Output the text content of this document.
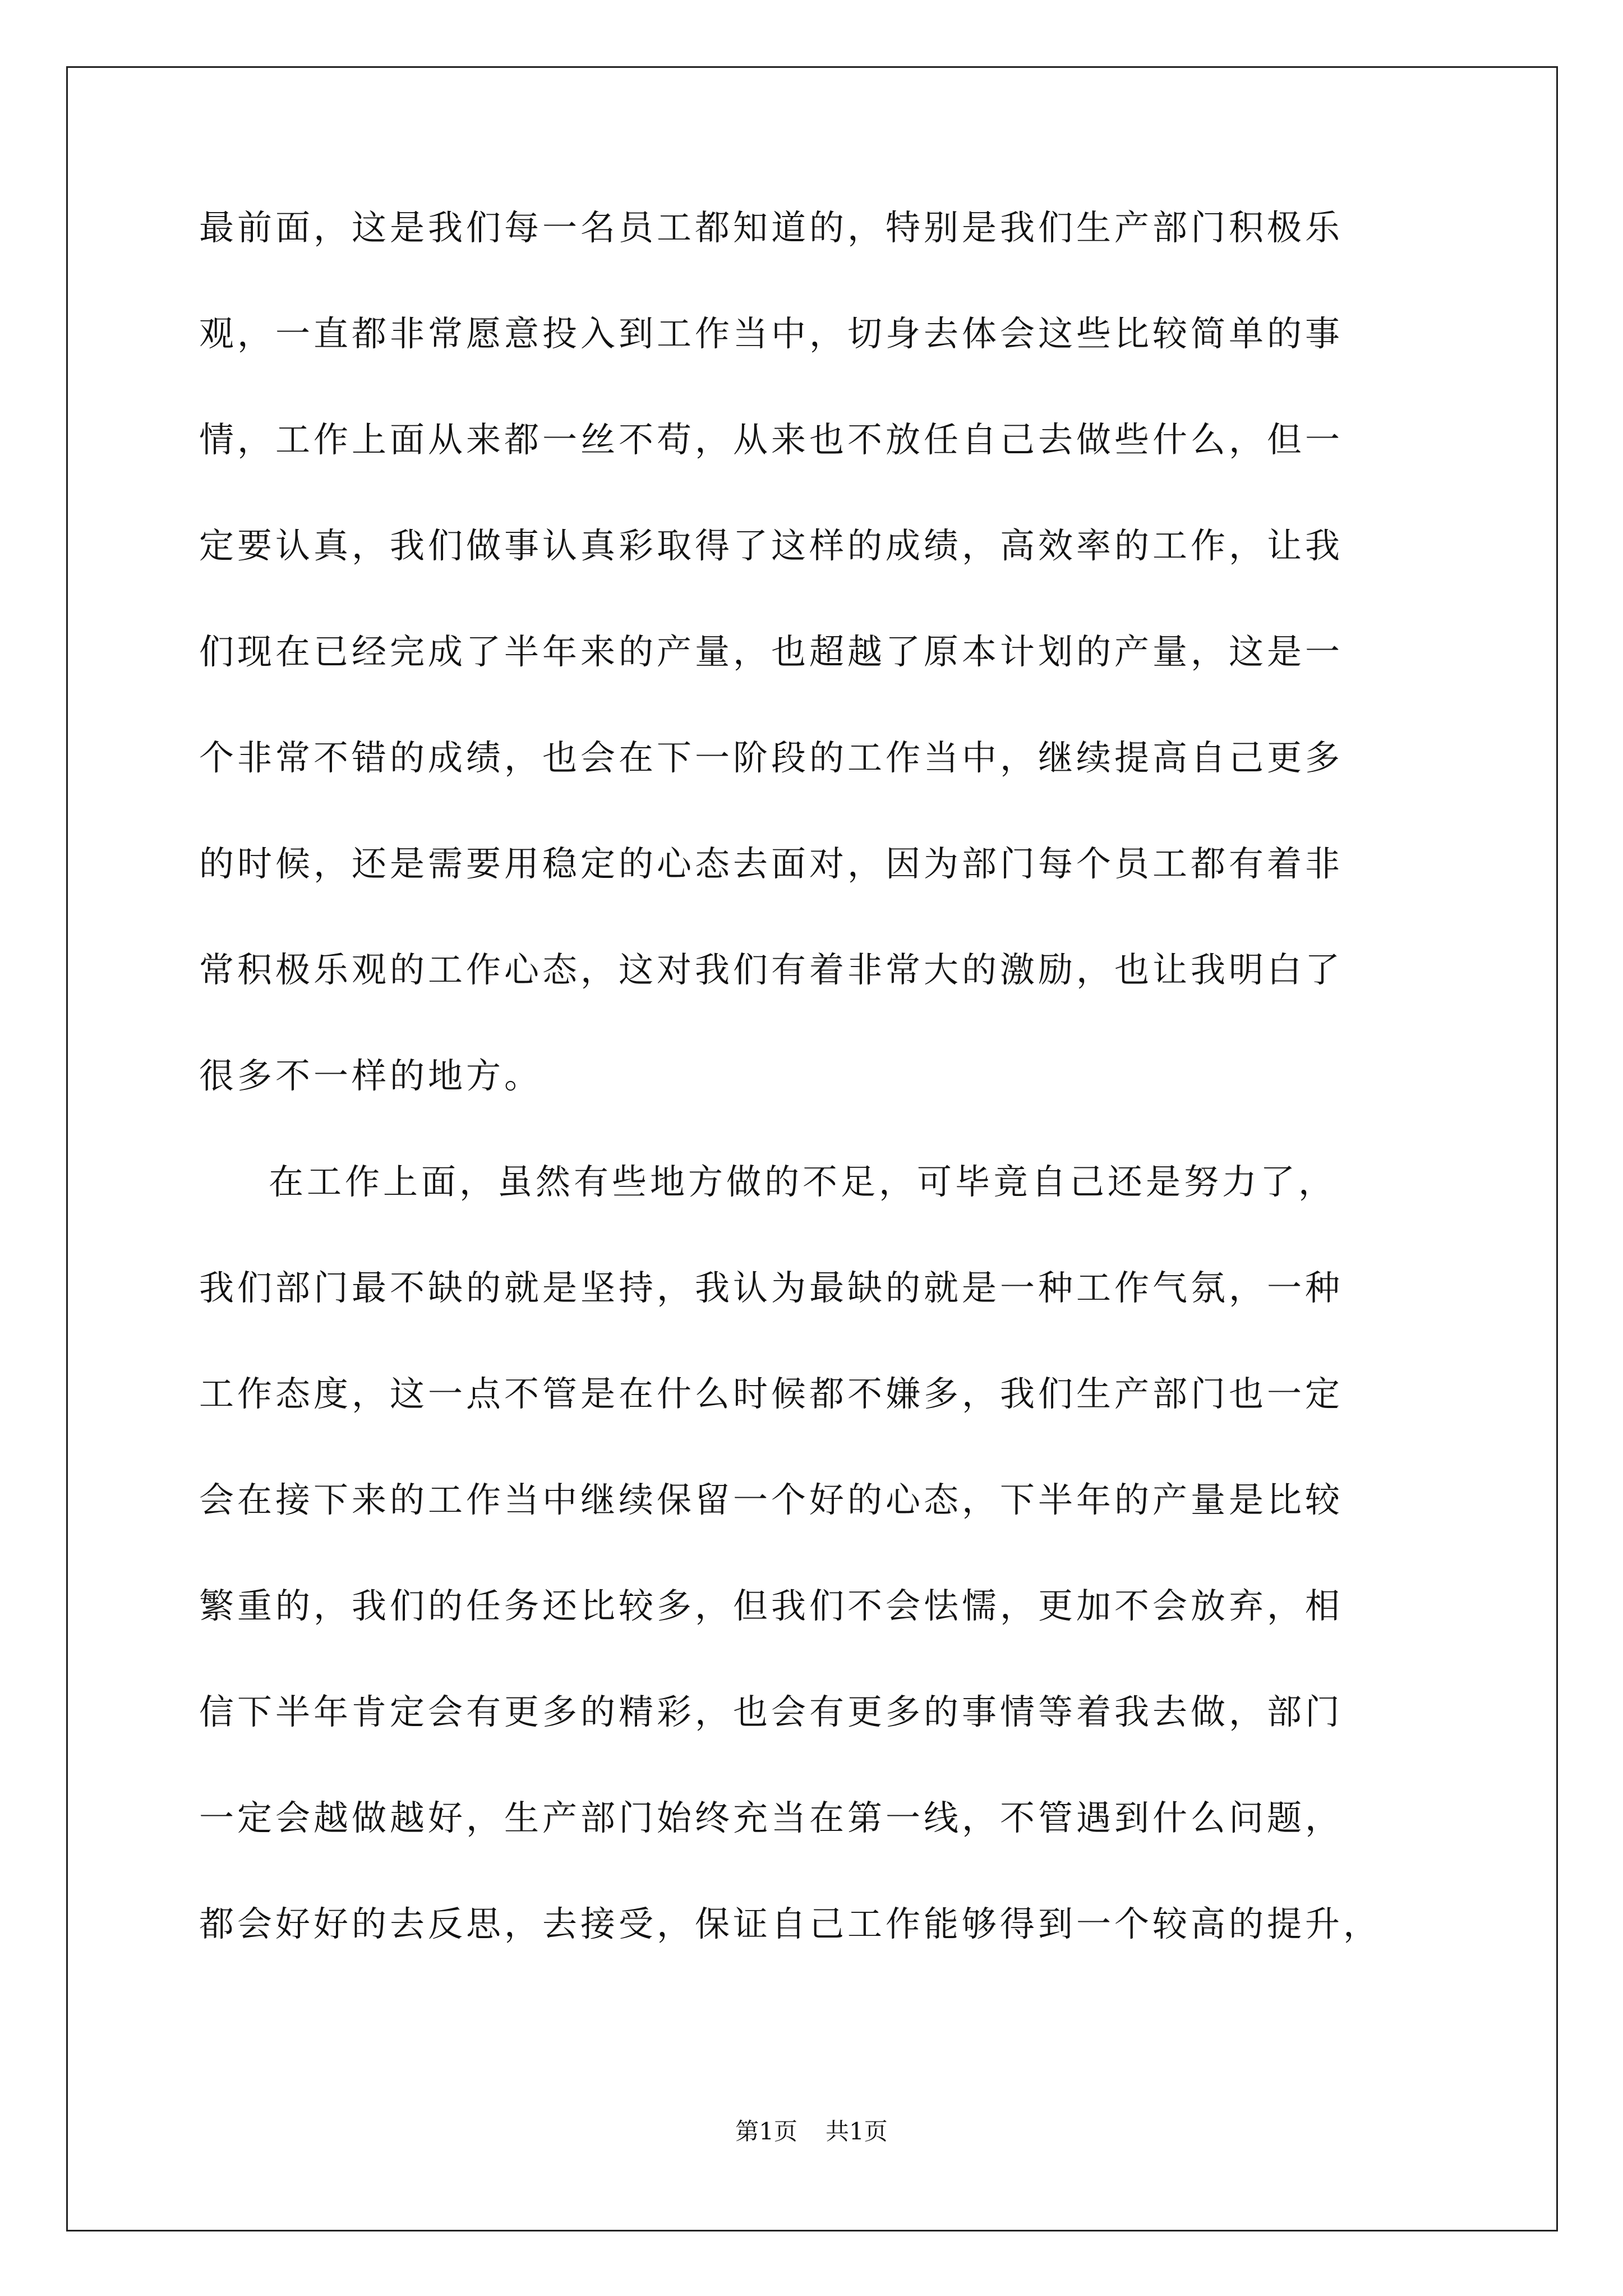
最前面，这是我们每一名员工都知道的，特别是我们生产部门积极乐
观，一直都非常愿意投入到工作当中，切身去体会这些比较简单的事
情，工作上面从来都一丝不苟，从来也不放任自己去做些什么，但一
定要认真，我们做事认真彩取得了这样的成绩，高效率的工作，让我
们现在已经完成了半年来的产量，也超越了原本计划的产量，这是一
个非常不错的成绩，也会在下一阶段的工作当中，继续提高自己更多
的时候，还是需要用稳定的心态去面对，因为部门每个员工都有着非
常积极乐观的工作心态，这对我们有着非常大的激励，也让我明白了
很多不一样的地方。
在工作上面，虽然有些地方做的不足，可毕竟自己还是努力了，
我们部门最不缺的就是坚持，我认为最缺的就是一种工作气氛，一种
工作态度，这一点不管是在什么时候都不嫌多，我们生产部门也一定
会在接下来的工作当中继续保留一个好的心态，下半年的产量是比较
繁重的，我们的任务还比较多，但我们不会怯懦，更加不会放弃，相
信下半年肯定会有更多的精彩，也会有更多的事情等着我去做，部门
一定会越做越好，生产部门始终充当在第一线，不管遇到什么问题，
都会好好的去反思，去接受，保证自己工作能够得到一个较高的提升，
第1页 共1页
